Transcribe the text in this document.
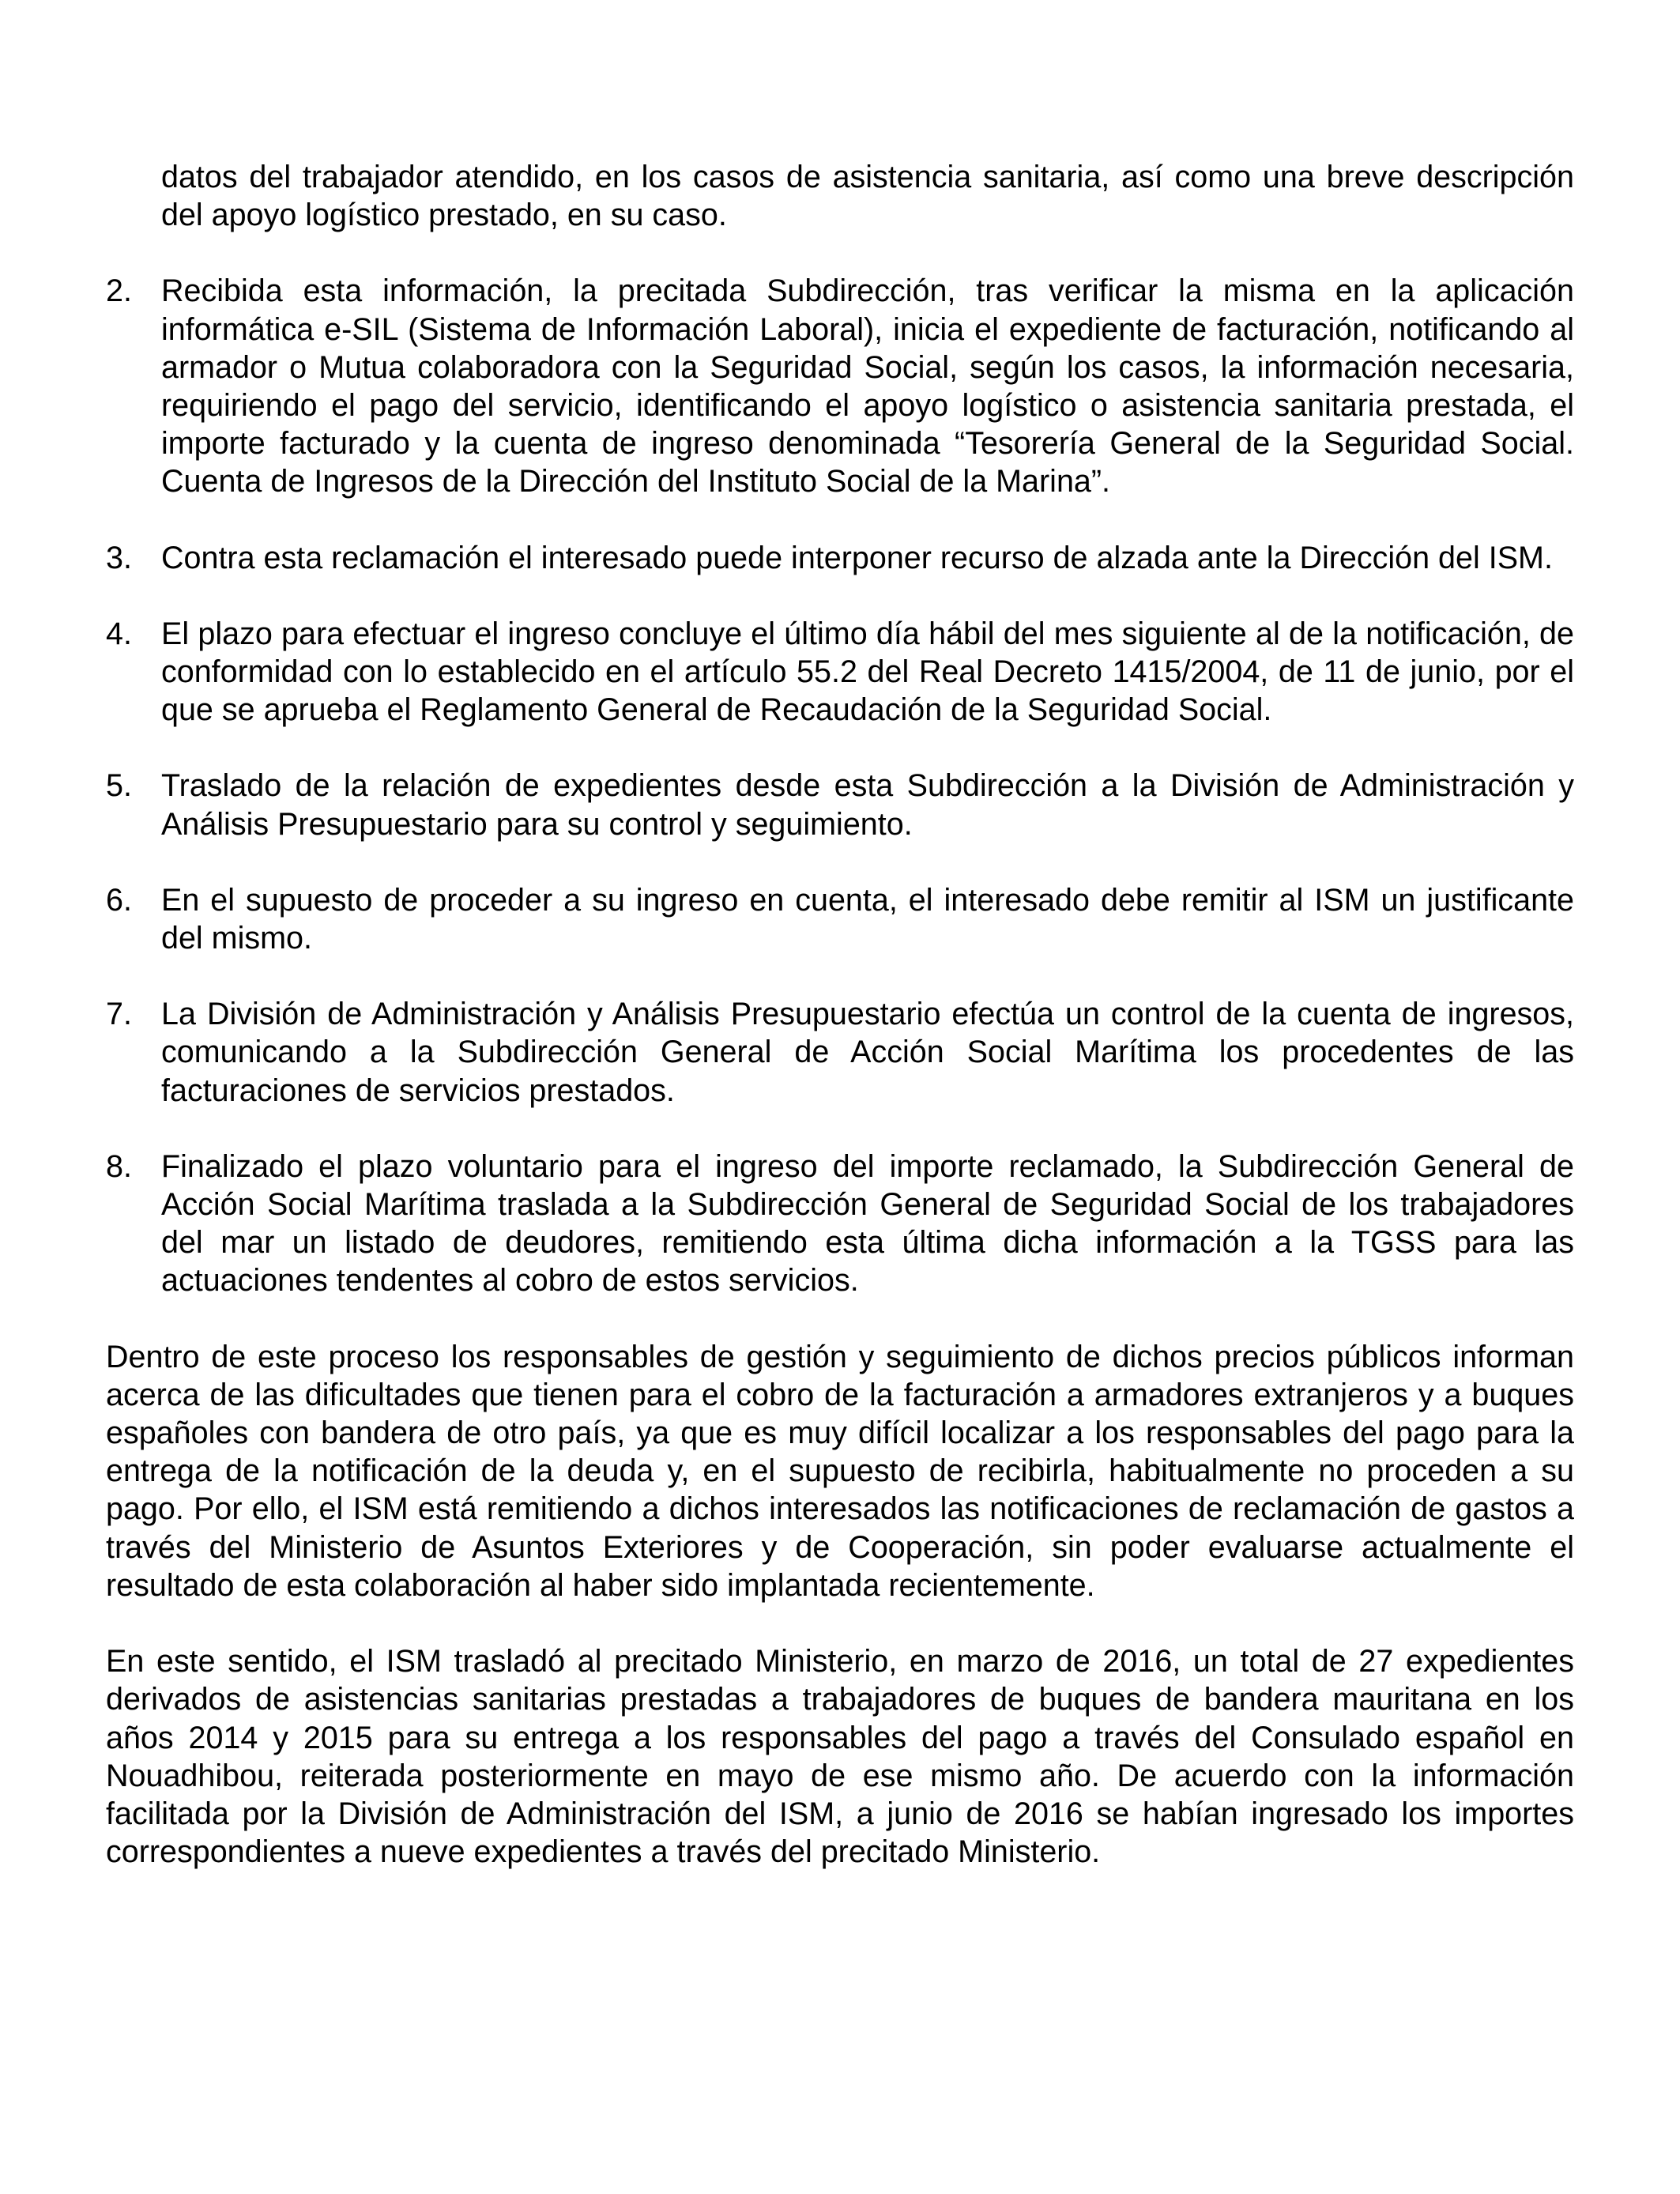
datos del trabajador atendido, en los casos de asistencia sanitaria, así como una breve descripción del apoyo logístico prestado, en su caso.

2. Recibida esta información, la precitada Subdirección, tras verificar la misma en la aplicación informática e-SIL (Sistema de Información Laboral), inicia el expediente de facturación, notificando al armador o Mutua colaboradora con la Seguridad Social, según los casos, la información necesaria, requiriendo el pago del servicio, identificando el apoyo logístico o asistencia sanitaria prestada, el importe facturado y la cuenta de ingreso denominada “Tesorería General de la Seguridad Social. Cuenta de Ingresos de la Dirección del Instituto Social de la Marina”.

3. Contra esta reclamación el interesado puede interponer recurso de alzada ante la Dirección del ISM.

4. El plazo para efectuar el ingreso concluye el último día hábil del mes siguiente al de la notificación, de conformidad con lo establecido en el artículo 55.2 del Real Decreto 1415/2004, de 11 de junio, por el que se aprueba el Reglamento General de Recaudación de la Seguridad Social.

5. Traslado de la relación de expedientes desde esta Subdirección a la División de Administración y Análisis Presupuestario para su control y seguimiento.

6. En el supuesto de proceder a su ingreso en cuenta, el interesado debe remitir al ISM un justificante del mismo.

7. La División de Administración y Análisis Presupuestario efectúa un control de la cuenta de ingresos, comunicando a la Subdirección General de Acción Social Marítima los procedentes de las facturaciones de servicios prestados.

8. Finalizado el plazo voluntario para el ingreso del importe reclamado, la Subdirección General de Acción Social Marítima traslada a la Subdirección General de Seguridad Social de los trabajadores del mar un listado de deudores, remitiendo esta última dicha información a la TGSS para las actuaciones tendentes al cobro de estos servicios.

Dentro de este proceso los responsables de gestión y seguimiento de dichos precios públicos informan acerca de las dificultades que tienen para el cobro de la facturación a armadores extranjeros y a buques españoles con bandera de otro país, ya que es muy difícil localizar a los responsables del pago para la entrega de la notificación de la deuda y, en el supuesto de recibirla, habitualmente no proceden a su pago. Por ello, el ISM está remitiendo a dichos interesados las notificaciones de reclamación de gastos a través del Ministerio de Asuntos Exteriores y de Cooperación, sin poder evaluarse actualmente el resultado de esta colaboración al haber sido implantada recientemente.

En este sentido, el ISM trasladó al precitado Ministerio, en marzo de 2016, un total de 27 expedientes derivados de asistencias sanitarias prestadas a trabajadores de buques de bandera mauritana en los años 2014 y 2015 para su entrega a los responsables del pago a través del Consulado español en Nouadhibou, reiterada posteriormente en mayo de ese mismo año. De acuerdo con la información facilitada por la División de Administración del ISM, a junio de 2016 se habían ingresado los importes correspondientes a nueve expedientes a través del precitado Ministerio.
